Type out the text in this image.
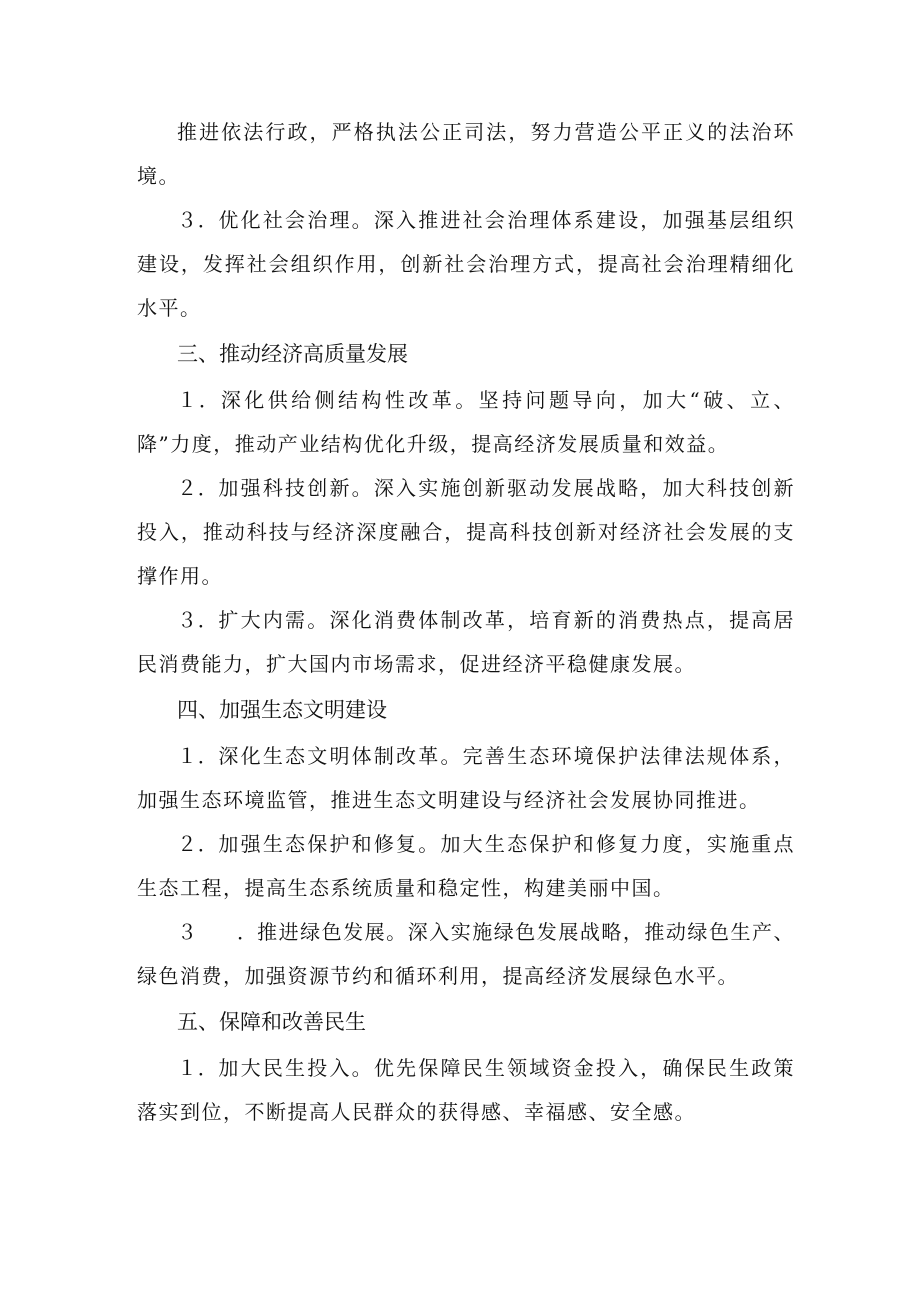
推进依法行政，严格执法公正司法，努力营造公平正义的法治环境。

３．优化社会治理。深入推进社会治理体系建设，加强基层组织建设，发挥社会组织作用，创新社会治理方式，提高社会治理精细化水平。

三、推动经济高质量发展

１．深化供给侧结构性改革。坚持问题导向，加大“破、立、降”力度，推动产业结构优化升级，提高经济发展质量和效益。

２．加强科技创新。深入实施创新驱动发展战略，加大科技创新投入，推动科技与经济深度融合，提高科技创新对经济社会发展的支撑作用。

３．扩大内需。深化消费体制改革，培育新的消费热点，提高居民消费能力，扩大国内市场需求，促进经济平稳健康发展。

四、加强生态文明建设

１．深化生态文明体制改革。完善生态环境保护法律法规体系，加强生态环境监管，推进生态文明建设与经济社会发展协同推进。

２．加强生态保护和修复。加大生态保护和修复力度，实施重点生态工程，提高生态系统质量和稳定性，构建美丽中国。

３　　．推进绿色发展。深入实施绿色发展战略，推动绿色生产、绿色消费，加强资源节约和循环利用，提高经济发展绿色水平。

五、保障和改善民生

１．加大民生投入。优先保障民生领域资金投入，确保民生政策落实到位，不断提高人民群众的获得感、幸福感、安全感。
